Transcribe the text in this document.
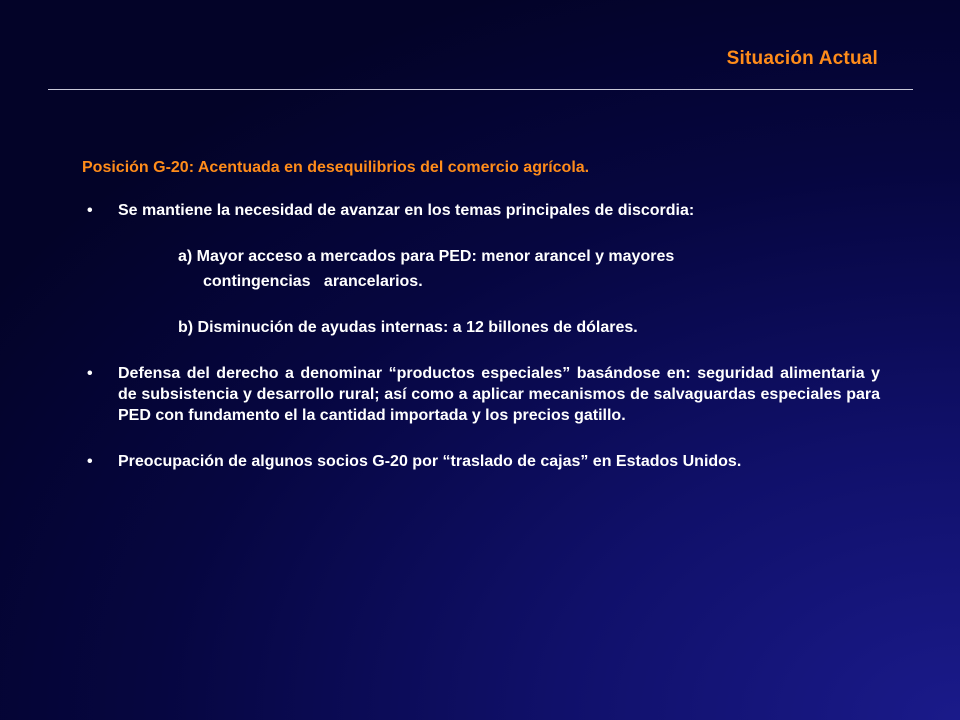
Situación Actual
Posición G-20: Acentuada en desequilibrios del comercio agrícola.
• Se mantiene la necesidad de avanzar en los temas principales de discordia:
a) Mayor acceso a mercados para PED: menor arancel y mayores
contingencias   arancelarios.
b) Disminución de ayudas internas: a 12 billones de dólares.
• Defensa del derecho a denominar “productos especiales” basándose en: seguridad alimentaria y de subsistencia y desarrollo rural; así como a aplicar mecanismos de salvaguardas especiales para PED con fundamento el la cantidad importada y los precios gatillo.
• Preocupación de algunos socios G-20 por “traslado de cajas” en Estados Unidos.
